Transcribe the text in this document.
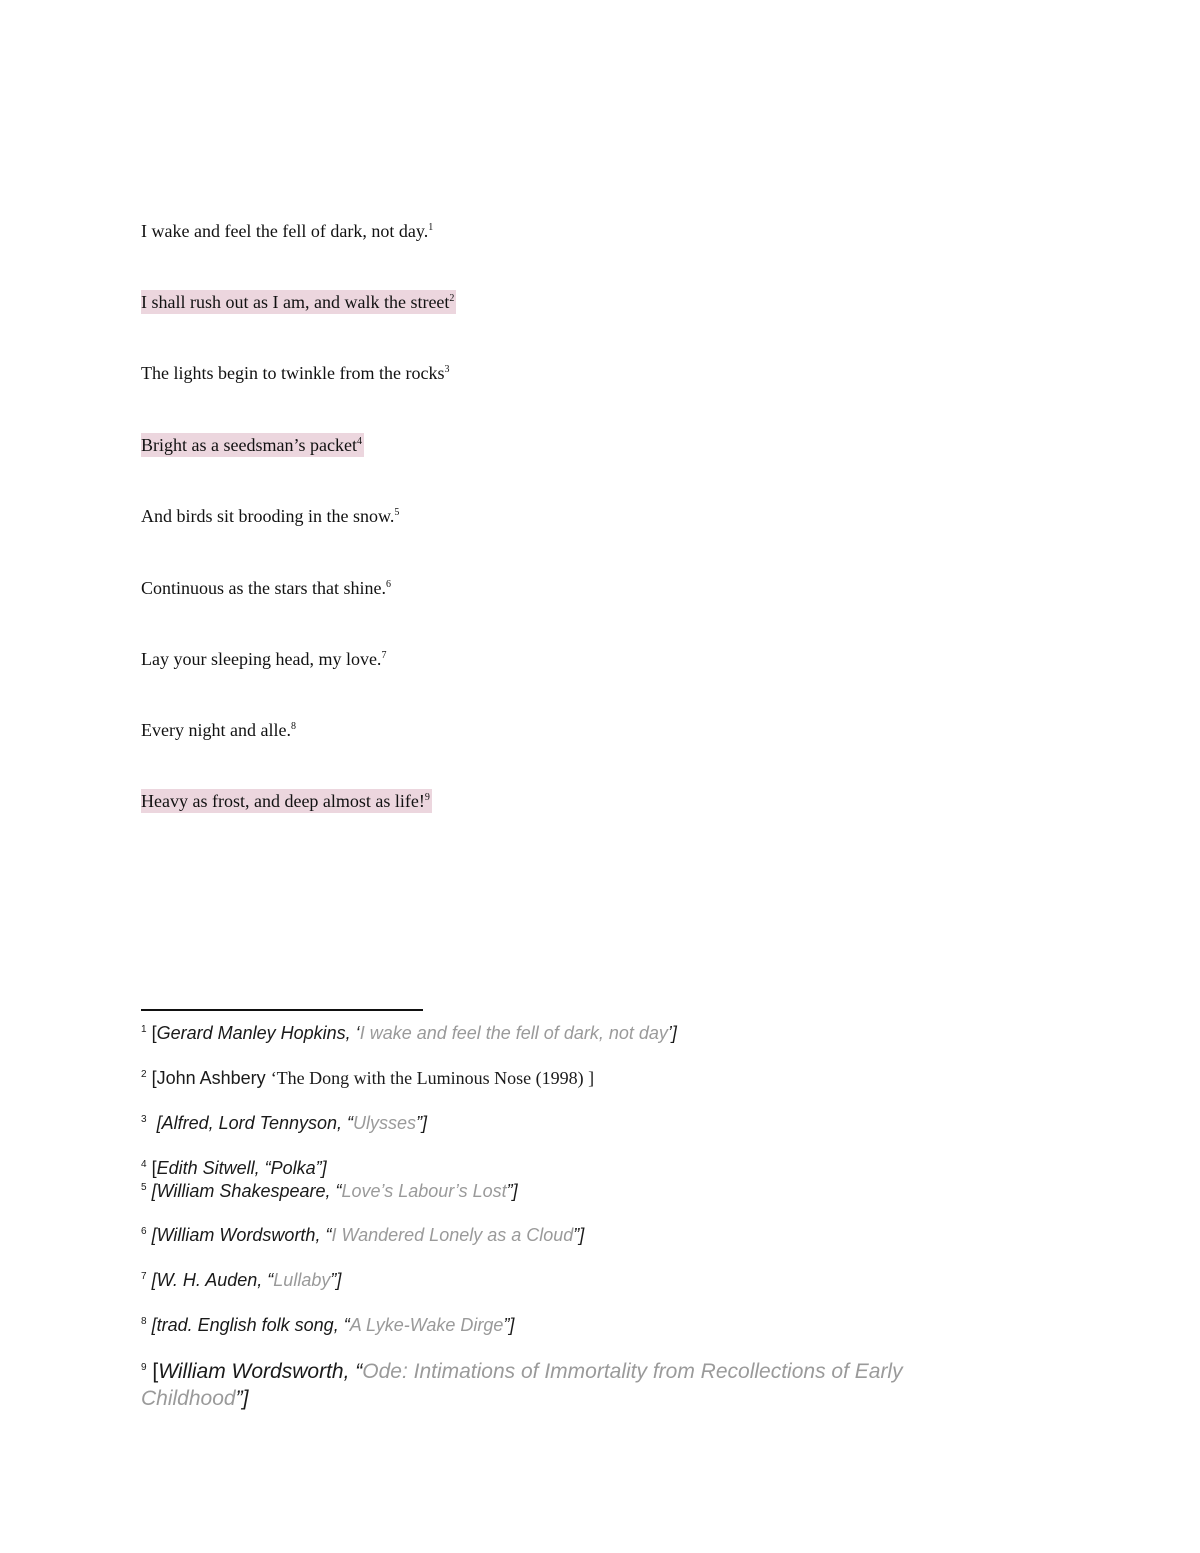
I wake and feel the fell of dark, not day.$^1$
I shall rush out as I am, and walk the street$^2$
The lights begin to twinkle from the rocks$^3$
Bright as a seedsman’s packet$^4$
And birds sit brooding in the snow.$^5$
Continuous as the stars that shine.$^6$
Lay your sleeping head, my love.$^7$
Every night and alle.$^8$
Heavy as frost, and deep almost as life!$^9$
$^1$ [Gerard Manley Hopkins, ‘I wake and feel the fell of dark, not day’]
$^2$ [John Ashbery ‘The Dong with the Luminous Nose (1998) ]
$^3$ [Alfred, Lord Tennyson, “Ulysses”]
$^4$ [Edith Sitwell, “Polka”]
$^5$ [William Shakespeare, “Love’s Labour’s Lost”]
$^6$ [William Wordsworth, “I Wandered Lonely as a Cloud”]
$^7$ [W. H. Auden, “Lullaby”]
$^8$ [trad. English folk song, “A Lyke-Wake Dirge”]
$^9$ [William Wordsworth, “Ode: Intimations of Immortality from Recollections of Early Childhood”]
